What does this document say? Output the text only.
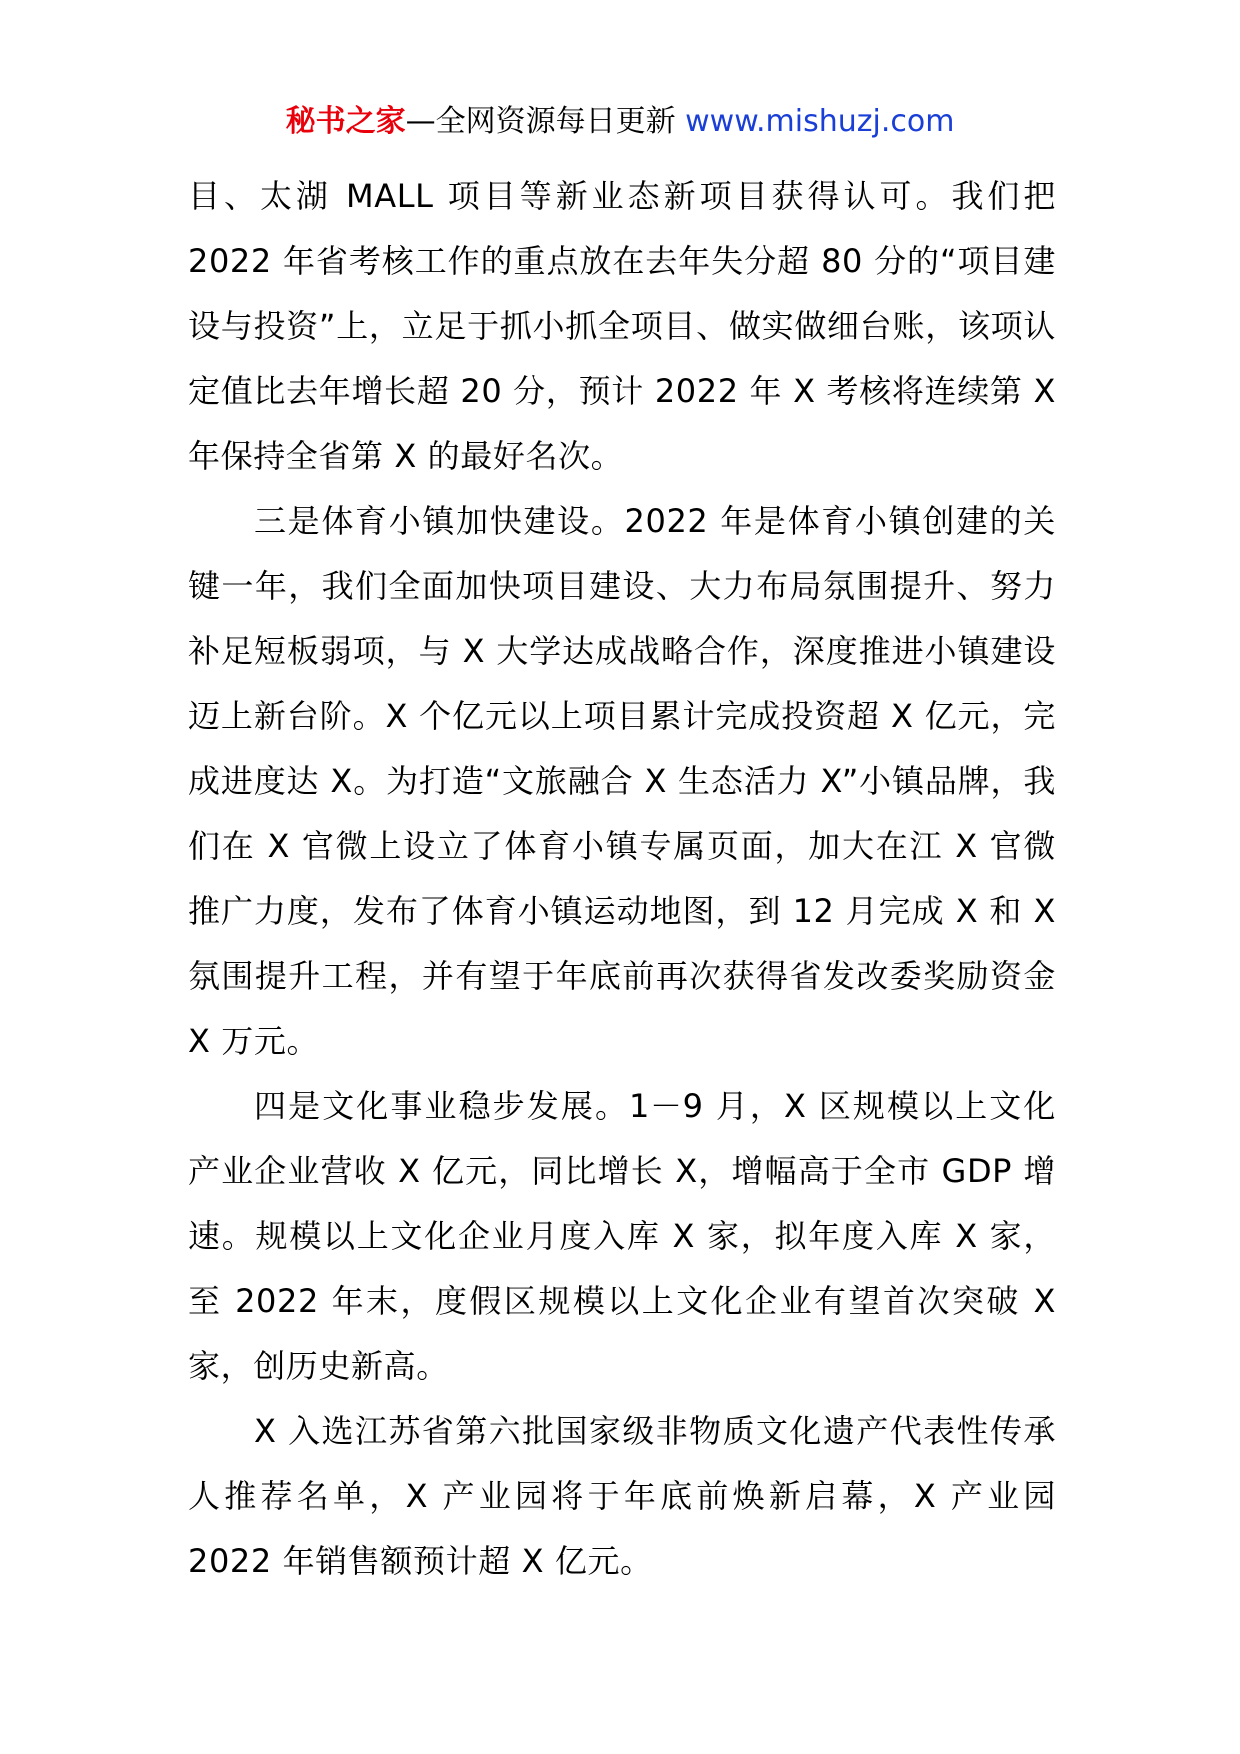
秘书之家—全网资源每日更新 www.mishuzj.com

目、太湖 MALL 项目等新业态新项目获得认可。我们把 2022 年省考核工作的重点放在去年失分超 80 分的“项目建设与投资”上，立足于抓小抓全项目、做实做细台账，该项认定值比去年增长超 20 分，预计 2022 年 X 考核将连续第 X 年保持全省第 X 的最好名次。

三是体育小镇加快建设。2022 年是体育小镇创建的关键一年，我们全面加快项目建设、大力布局氛围提升、努力补足短板弱项，与 X 大学达成战略合作，深度推进小镇建设迈上新台阶。X 个亿元以上项目累计完成投资超 X 亿元，完成进度达 X。为打造“文旅融合 X 生态活力 X”小镇品牌，我们在 X 官微上设立了体育小镇专属页面，加大在江 X 官微推广力度，发布了体育小镇运动地图，到 12 月完成 X 和 X 氛围提升工程，并有望于年底前再次获得省发改委奖励资金 X 万元。

四是文化事业稳步发展。1－9 月，X 区规模以上文化产业企业营收 X 亿元，同比增长 X，增幅高于全市 GDP 增速。规模以上文化企业月度入库 X 家，拟年度入库 X 家，至 2022 年末，度假区规模以上文化企业有望首次突破 X 家，创历史新高。

X 入选江苏省第六批国家级非物质文化遗产代表性传承人推荐名单，X 产业园将于年底前焕新启幕，X 产业园 2022 年销售额预计超 X 亿元。
